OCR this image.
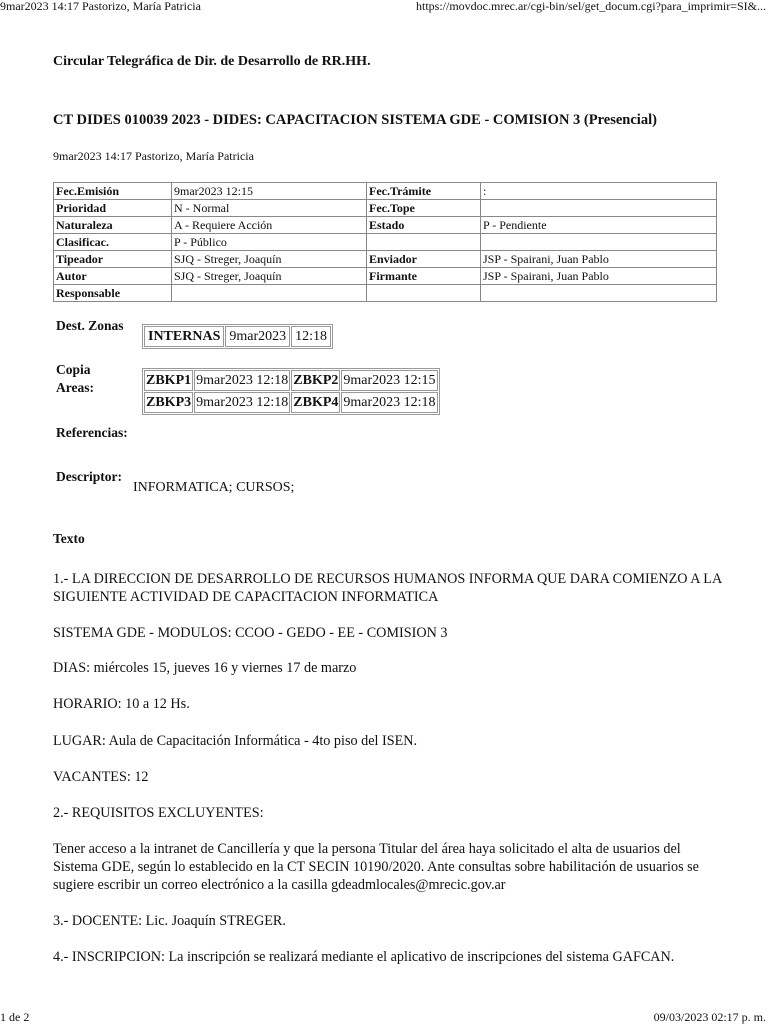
9mar2023 14:17 Pastorizo, María Patricia	https://movdoc.mrec.ar/cgi-bin/sel/get_docum.cgi?para_imprimir=SI&...
Circular Telegráfica de Dir. de Desarrollo de RR.HH.
CT DIDES 010039 2023 - DIDES: CAPACITACION SISTEMA GDE - COMISION 3 (Presencial)
9mar2023 14:17 Pastorizo, María Patricia
Fec.Emisión	9mar2023 12:15	Fec.Trámite	:
Prioridad	N - Normal	Fec.Tope	
Naturaleza	A - Requiere Acción	Estado	P - Pendiente
Clasificac.	P - Público		
Tipeador	SJQ - Streger, Joaquín	Enviador	JSP - Spairani, Juan Pablo
Autor	SJQ - Streger, Joaquín	Firmante	JSP - Spairani, Juan Pablo
Responsable			
Dest. Zonas
INTERNAS	9mar2023	12:18
Copia Areas:	ZBKP1	9mar2023 12:18	ZBKP2	9mar2023 12:15
ZBKP3	9mar2023 12:18	ZBKP4	9mar2023 12:18
Referencias:
Descriptor:
INFORMATICA; CURSOS;
Texto
1.- LA DIRECCION DE DESARROLLO DE RECURSOS HUMANOS INFORMA QUE DARA COMIENZO A LA SIGUIENTE ACTIVIDAD DE CAPACITACION INFORMATICA
SISTEMA GDE - MODULOS: CCOO - GEDO - EE - COMISION 3
DIAS: miércoles 15, jueves 16 y viernes 17 de marzo
HORARIO: 10 a 12 Hs.
LUGAR: Aula de Capacitación Informática - 4to piso del ISEN.
VACANTES: 12
2.- REQUISITOS EXCLUYENTES:
Tener acceso a la intranet de Cancillería y que la persona Titular del área haya solicitado el alta de usuarios del Sistema GDE, según lo establecido en la CT SECIN 10190/2020. Ante consultas sobre habilitación de usuarios se sugiere escribir un correo electrónico a la casilla gdeadmlocales@mrecic.gov.ar
3.- DOCENTE: Lic. Joaquín STREGER.
4.- INSCRIPCION: La inscripción se realizará mediante el aplicativo de inscripciones del sistema GAFCAN.
1 de 2	09/03/2023 02:17 p. m.
